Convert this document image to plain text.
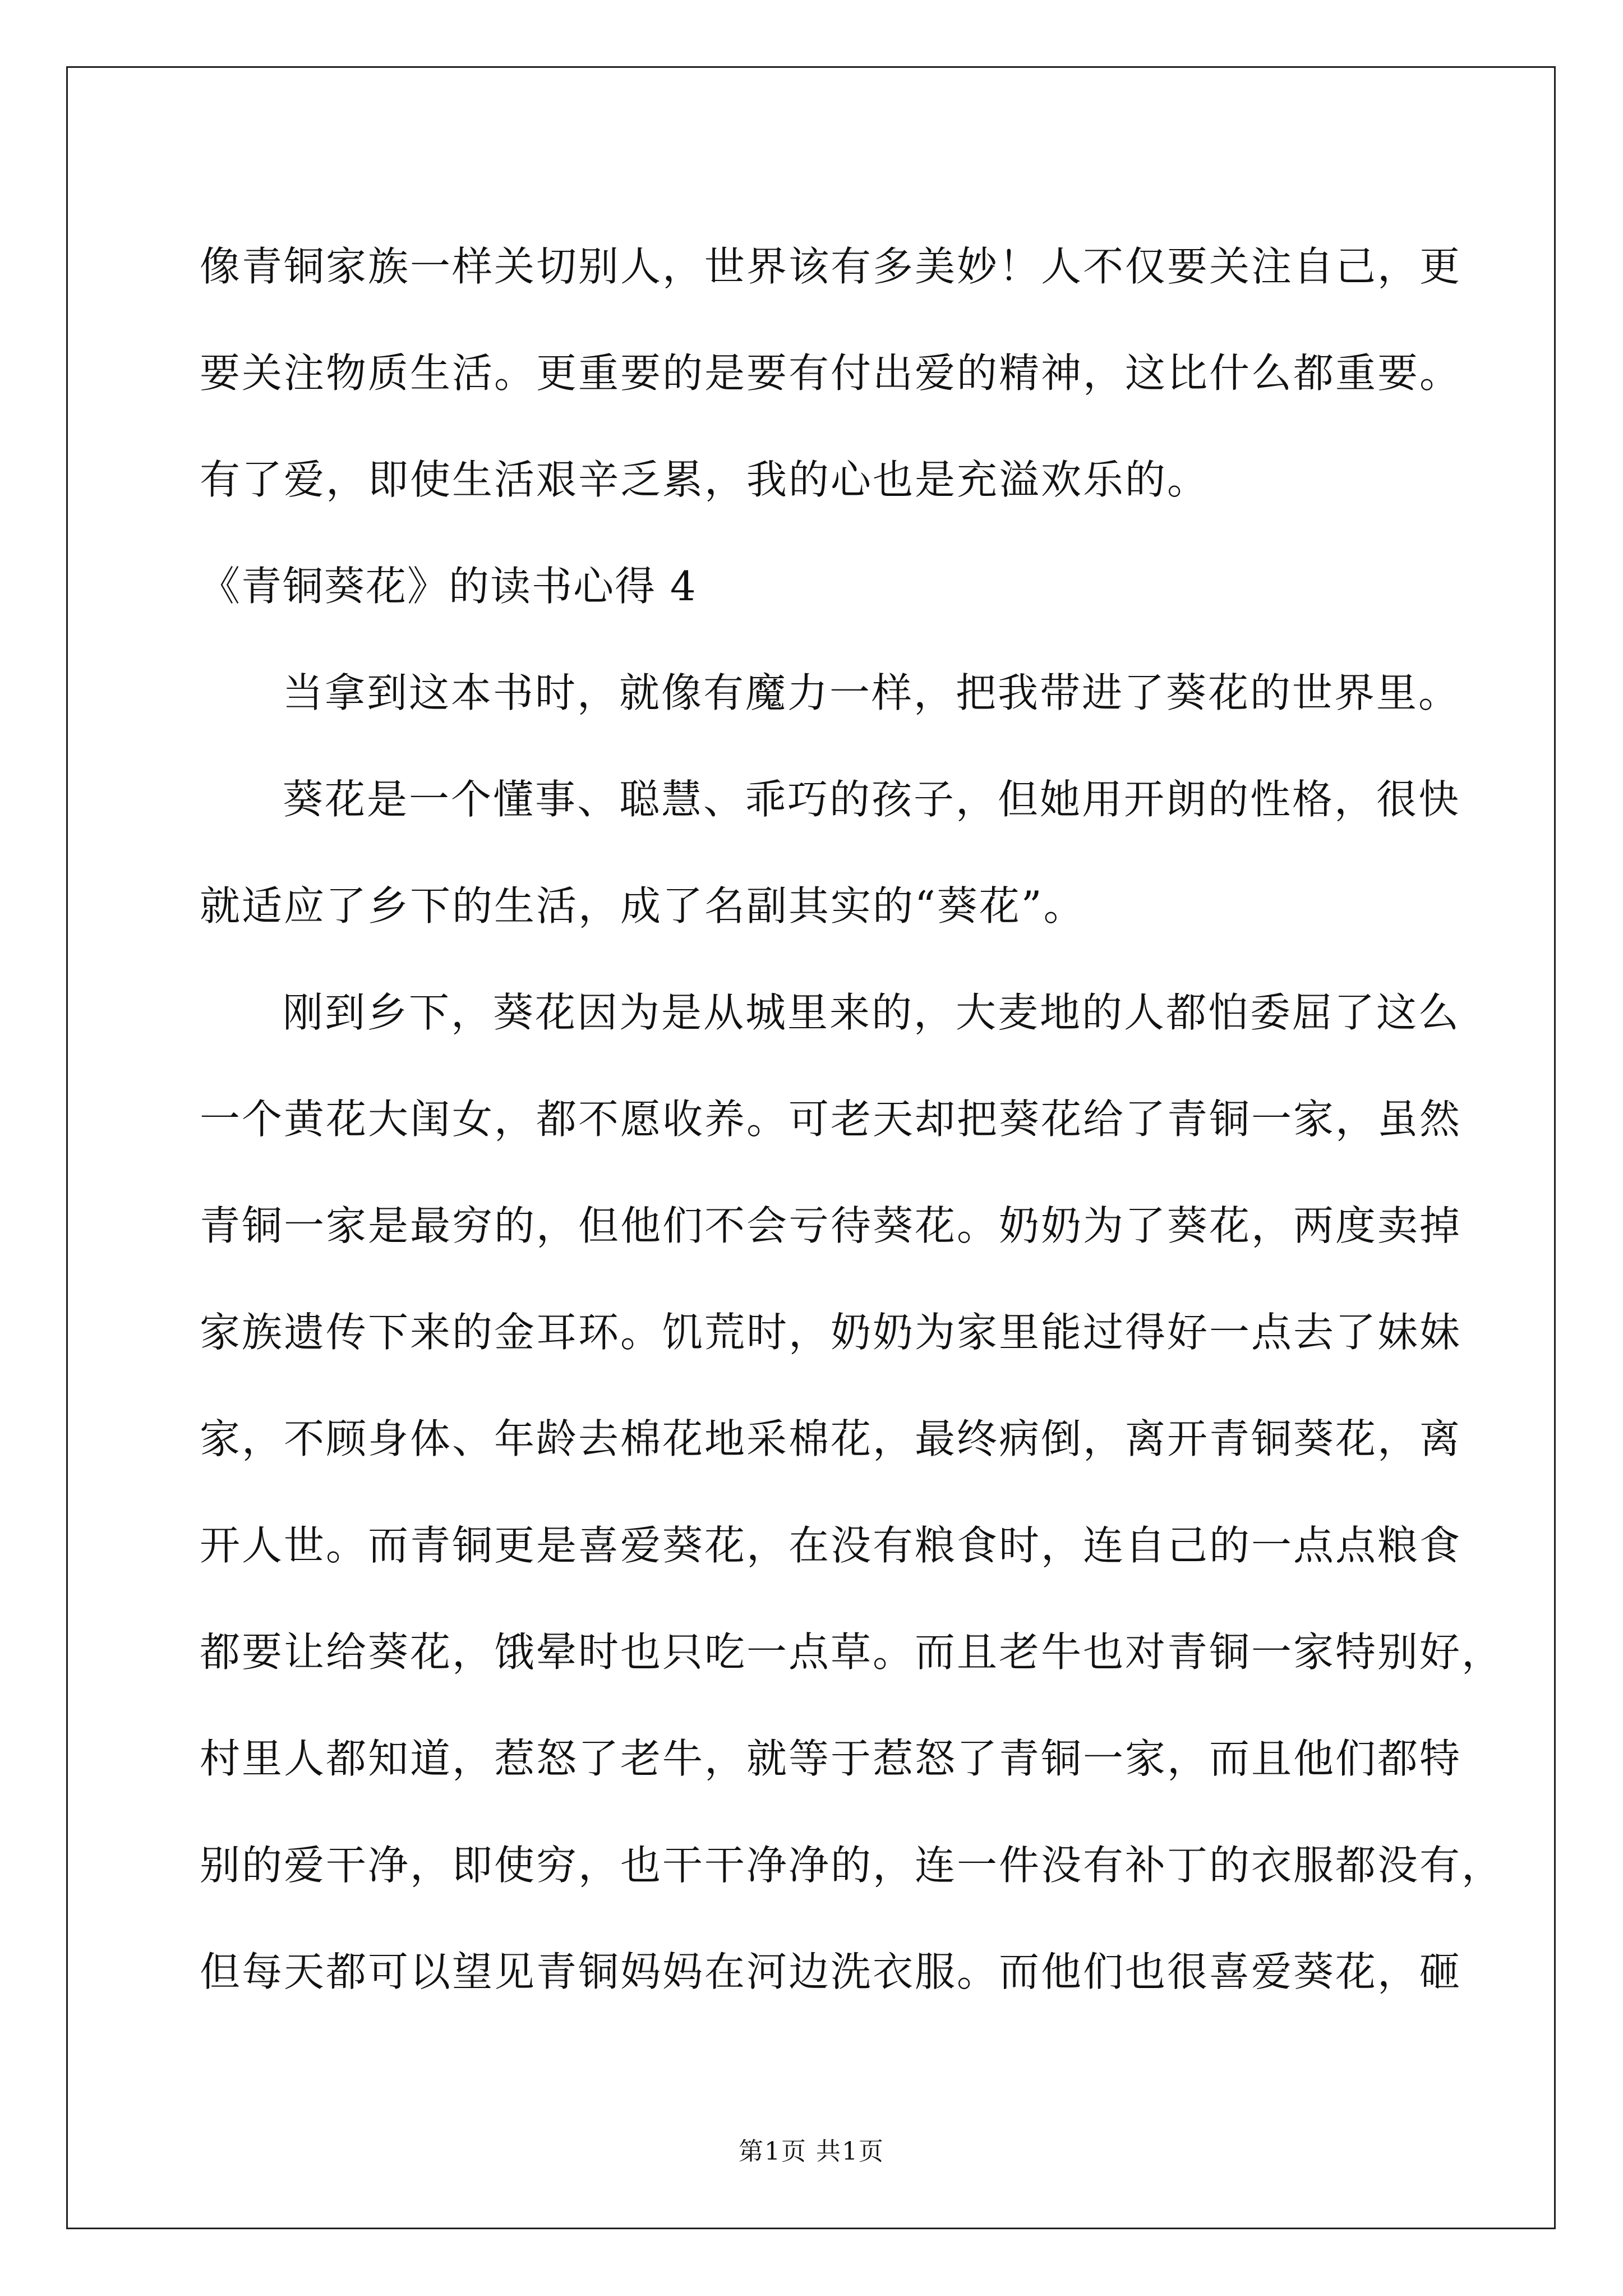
像青铜家族一样关切别人，世界该有多美妙！人不仅要关注自己，更
要关注物质生活。更重要的是要有付出爱的精神，这比什么都重要。
有了爱，即使生活艰辛乏累，我的心也是充溢欢乐的。
《青铜葵花》的读书心得 4
当拿到这本书时，就像有魔力一样，把我带进了葵花的世界里。
葵花是一个懂事、聪慧、乖巧的孩子，但她用开朗的性格，很快
就适应了乡下的生活，成了名副其实的“葵花”。
刚到乡下，葵花因为是从城里来的，大麦地的人都怕委屈了这么
一个黄花大闺女，都不愿收养。可老天却把葵花给了青铜一家，虽然
青铜一家是最穷的，但他们不会亏待葵花。奶奶为了葵花，两度卖掉
家族遗传下来的金耳环。饥荒时，奶奶为家里能过得好一点去了妹妹
家，不顾身体、年龄去棉花地采棉花，最终病倒，离开青铜葵花，离
开人世。而青铜更是喜爱葵花，在没有粮食时，连自己的一点点粮食
都要让给葵花，饿晕时也只吃一点草。而且老牛也对青铜一家特别好，
村里人都知道，惹怒了老牛，就等于惹怒了青铜一家，而且他们都特
别的爱干净，即使穷，也干干净净的，连一件没有补丁的衣服都没有，
但每天都可以望见青铜妈妈在河边洗衣服。而他们也很喜爱葵花，砸
第1页 共1页
